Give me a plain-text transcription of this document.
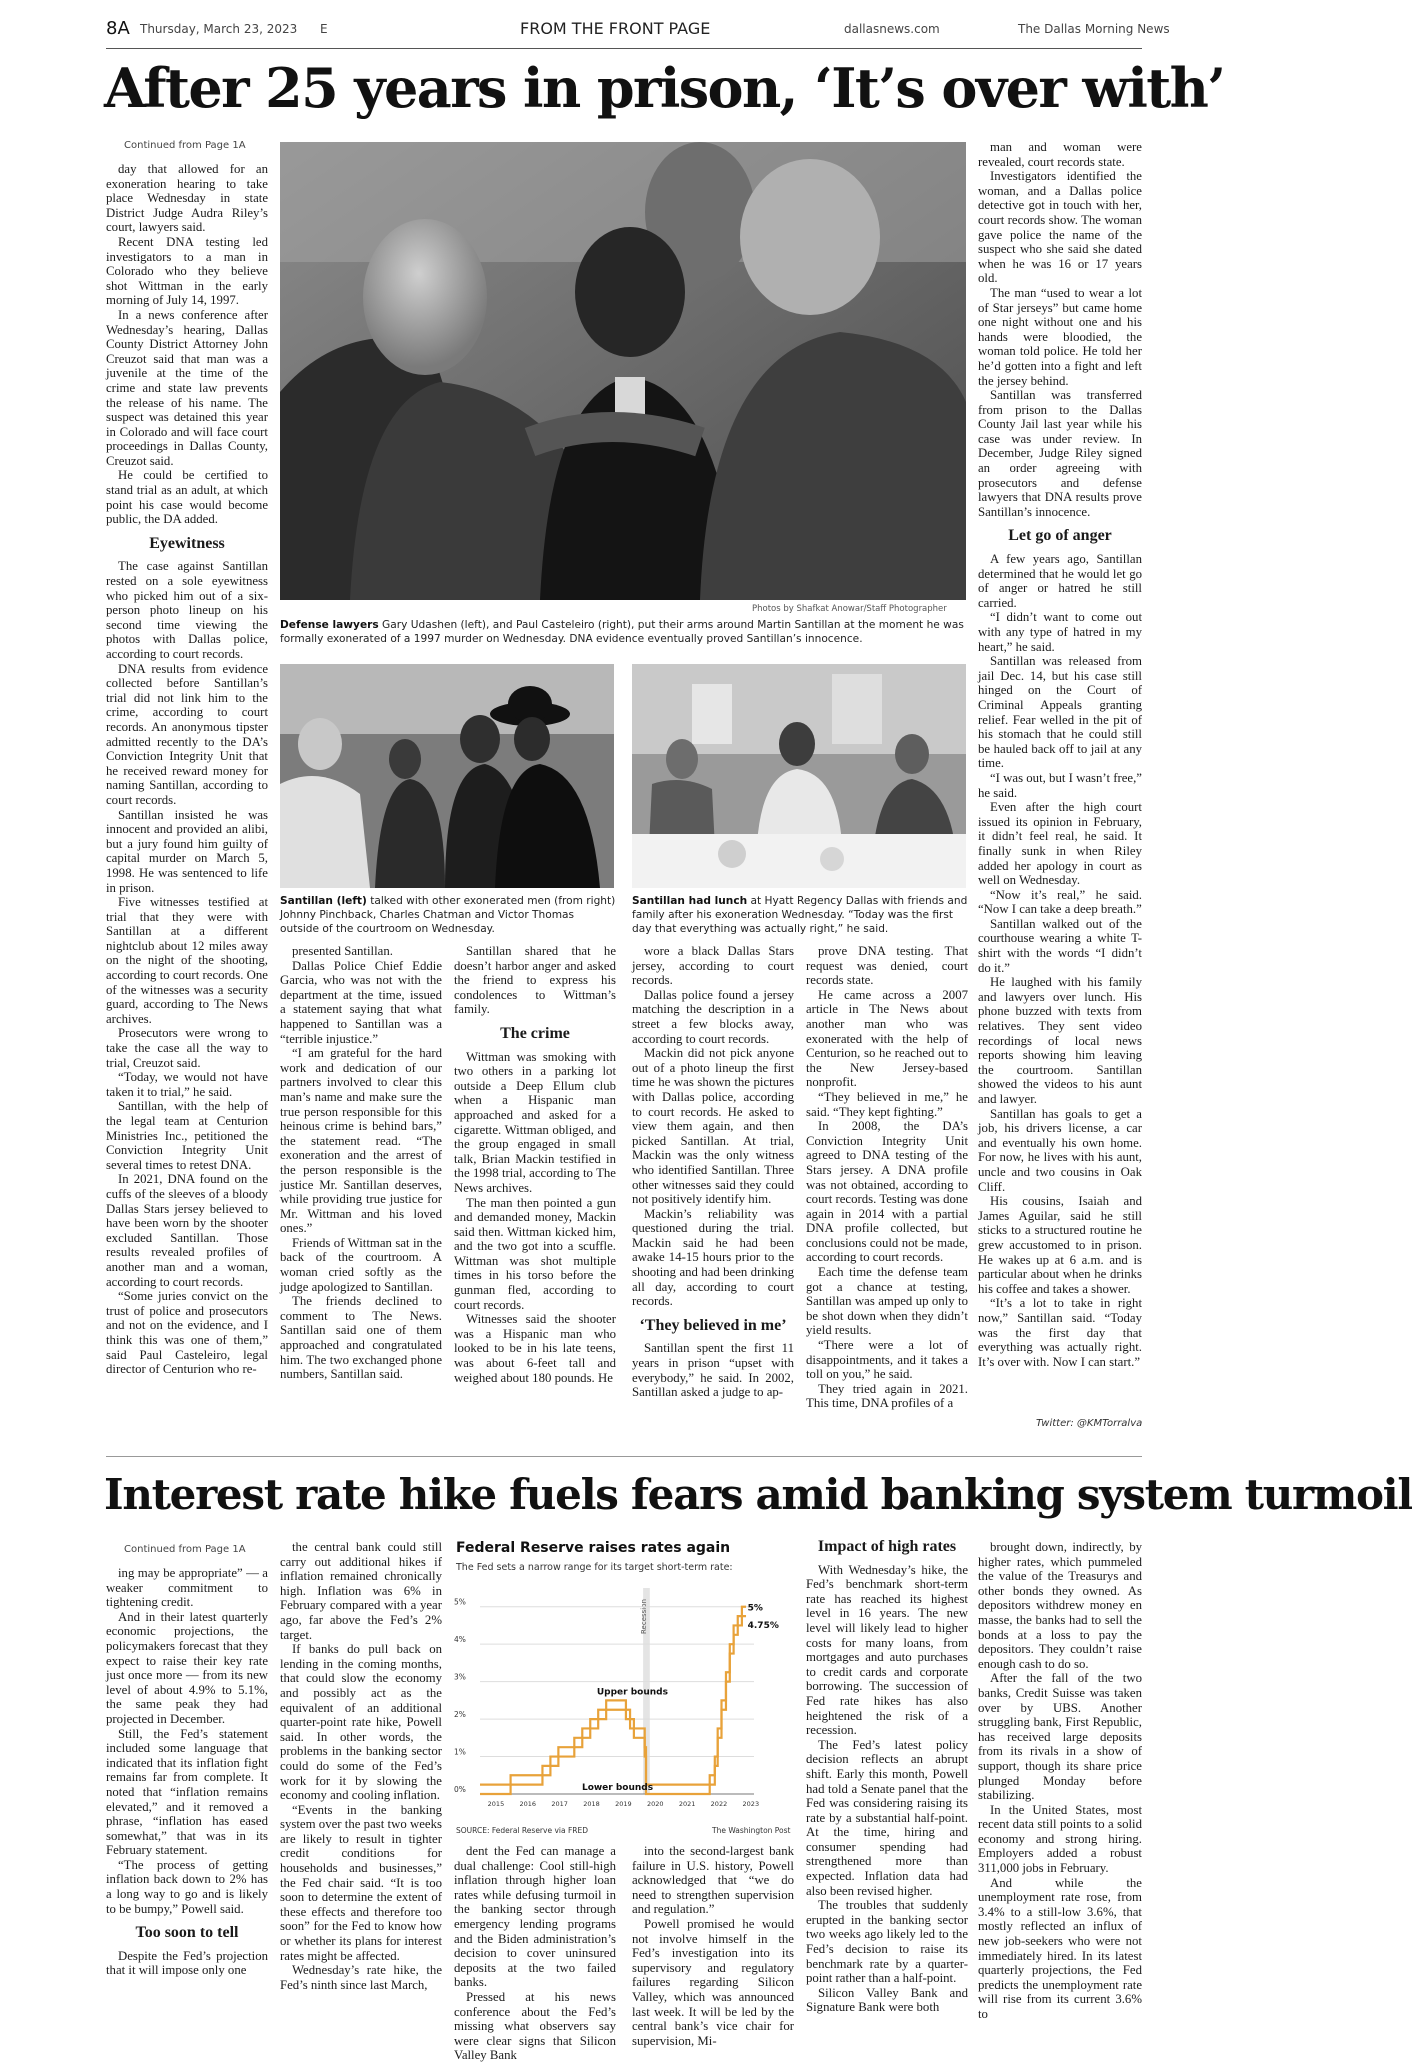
8A Thursday, March 23, 2023 E	FROM THE FRONT PAGE	dallasnews.com	The Dallas Morning News
After 25 years in prison, ‘It’s over with’
Continued from Page 1A

day that allowed for an exoneration hearing to take place Wednesday in state District Judge Audra Riley’s court, lawyers said.

Recent DNA testing led investigators to a man in Colorado who they believe shot Wittman in the early morning of July 14, 1997.

In a news conference after Wednesday’s hearing, Dallas County District Attorney John Creuzot said that man was a juvenile at the time of the crime and state law prevents the release of his name. The suspect was detained this year in Colorado and will face court proceedings in Dallas County, Creuzot said.

He could be certified to stand trial as an adult, at which point his case would become public, the DA added.

Eyewitness

The case against Santillan rested on a sole eyewitness who picked him out of a six-person photo lineup on his second time viewing the photos with Dallas police, according to court records.

DNA results from evidence collected before Santillan’s trial did not link him to the crime, according to court records. An anonymous tipster admitted recently to the DA’s Conviction Integrity Unit that he received reward money for naming Santillan, according to court records.

Santillan insisted he was innocent and provided an alibi, but a jury found him guilty of capital murder on March 5, 1998. He was sentenced to life in prison.

Five witnesses testified at trial that they were with Santillan at a different nightclub about 12 miles away on the night of the shooting, according to court records. One of the witnesses was a security guard, according to The News archives.

Prosecutors were wrong to take the case all the way to trial, Creuzot said.

“Today, we would not have taken it to trial,” he said.

Santillan, with the help of the legal team at Centurion Ministries Inc., petitioned the Conviction Integrity Unit several times to retest DNA.

In 2021, DNA found on the cuffs of the sleeves of a bloody Dallas Stars jersey believed to have been worn by the shooter excluded Santillan. Those results revealed profiles of another man and a woman, according to court records.

“Some juries convict on the trust of police and prosecutors and not on the evidence, and I think this was one of them,” said Paul Casteleiro, legal director of Centurion who re-

Photos by Shafkat Anowar/Staff Photographer
Defense lawyers Gary Udashen (left), and Paul Casteleiro (right), put their arms around Martin Santillan at the moment he was formally exonerated of a 1997 murder on Wednesday. DNA evidence eventually proved Santillan’s innocence.
Santillan (left) talked with other exonerated men (from right) Johnny Pinchback, Charles Chatman and Victor Thomas outside of the courtroom on Wednesday.
Santillan had lunch at Hyatt Regency Dallas with friends and family after his exoneration Wednesday. “Today was the first day that everything was actually right,” he said.

presented Santillan.

Dallas Police Chief Eddie Garcia, who was not with the department at the time, issued a statement saying that what happened to Santillan was a “terrible injustice.”

“I am grateful for the hard work and dedication of our partners involved to clear this man’s name and make sure the true person responsible for this heinous crime is behind bars,” the statement read. “The exoneration and the arrest of the person responsible is the justice Mr. Santillan deserves, while providing true justice for Mr. Wittman and his loved ones.”

Friends of Wittman sat in the back of the courtroom. A woman cried softly as the judge apologized to Santillan.

The friends declined to comment to The News. Santillan said one of them approached and congratulated him. The two exchanged phone numbers, Santillan said.

Santillan shared that he doesn’t harbor anger and asked the friend to express his condolences to Wittman’s family.

The crime

Wittman was smoking with two others in a parking lot outside a Deep Ellum club when a Hispanic man approached and asked for a cigarette. Wittman obliged, and the group engaged in small talk, Brian Mackin testified in the 1998 trial, according to The News archives.

The man then pointed a gun and demanded money, Mackin said then. Wittman kicked him, and the two got into a scuffle. Wittman was shot multiple times in his torso before the gunman fled, according to court records.

Witnesses said the shooter was a Hispanic man who looked to be in his late teens, was about 6-feet tall and weighed about 180 pounds. He

wore a black Dallas Stars jersey, according to court records.

Dallas police found a jersey matching the description in a street a few blocks away, according to court records.

Mackin did not pick anyone out of a photo lineup the first time he was shown the pictures with Dallas police, according to court records. He asked to view them again, and then picked Santillan. At trial, Mackin was the only witness who identified Santillan. Three other witnesses said they could not positively identify him.

Mackin’s reliability was questioned during the trial. Mackin said he had been awake 14-15 hours prior to the shooting and had been drinking all day, according to court records.

‘They believed in me’

Santillan spent the first 11 years in prison “upset with everybody,” he said. In 2002, Santillan asked a judge to ap-

prove DNA testing. That request was denied, court records state.

He came across a 2007 article in The News about another man who was exonerated with the help of Centurion, so he reached out to the New Jersey-based nonprofit.

“They believed in me,” he said. “They kept fighting.”

In 2008, the DA’s Conviction Integrity Unit agreed to DNA testing of the Stars jersey. A DNA profile was not obtained, according to court records. Testing was done again in 2014 with a partial DNA profile collected, but conclusions could not be made, according to court records.

Each time the defense team got a chance at testing, Santillan was amped up only to be shot down when they didn’t yield results.

“There were a lot of disappointments, and it takes a toll on you,” he said.

They tried again in 2021. This time, DNA profiles of a

man and woman were revealed, court records state.

Investigators identified the woman, and a Dallas police detective got in touch with her, court records show. The woman gave police the name of the suspect who she said she dated when he was 16 or 17 years old.

The man “used to wear a lot of Star jerseys” but came home one night without one and his hands were bloodied, the woman told police. He told her he’d gotten into a fight and left the jersey behind.

Santillan was transferred from prison to the Dallas County Jail last year while his case was under review. In December, Judge Riley signed an order agreeing with prosecutors and defense lawyers that DNA results prove Santillan’s innocence.

Let go of anger

A few years ago, Santillan determined that he would let go of anger or hatred he still carried.

“I didn’t want to come out with any type of hatred in my heart,” he said.

Santillan was released from jail Dec. 14, but his case still hinged on the Court of Criminal Appeals granting relief. Fear welled in the pit of his stomach that he could still be hauled back off to jail at any time.

“I was out, but I wasn’t free,” he said.

Even after the high court issued its opinion in February, it didn’t feel real, he said. It finally sunk in when Riley added her apology in court as well on Wednesday.

“Now it’s real,” he said. “Now I can take a deep breath.”

Santillan walked out of the courthouse wearing a white T-shirt with the words “I didn’t do it.”

He laughed with his family and lawyers over lunch. His phone buzzed with texts from relatives. They sent video recordings of local news reports showing him leaving the courtroom. Santillan showed the videos to his aunt and lawyer.

Santillan has goals to get a job, his drivers license, a car and eventually his own home. For now, he lives with his aunt, uncle and two cousins in Oak Cliff.

His cousins, Isaiah and James Aguilar, said he still sticks to a structured routine he grew accustomed to in prison. He wakes up at 6 a.m. and is particular about when he drinks his coffee and takes a shower.

“It’s a lot to take in right now,” Santillan said. “Today was the first day that everything was actually right. It’s over with. Now I can start.”

Twitter: @KMTorralva
Interest rate hike fuels fears amid banking system turmoil
Continued from Page 1A

ing may be appropriate” — a weaker commitment to tightening credit.

And in their latest quarterly economic projections, the policymakers forecast that they expect to raise their key rate just once more — from its new level of about 4.9% to 5.1%, the same peak they had projected in December.

Still, the Fed’s statement included some language that indicated that its inflation fight remains far from complete. It noted that “inflation remains elevated,” and it removed a phrase, “inflation has eased somewhat,” that was in its February statement.

“The process of getting inflation back down to 2% has a long way to go and is likely to be bumpy,” Powell said.

Too soon to tell

Despite the Fed’s projection that it will impose only one

the central bank could still carry out additional hikes if inflation remained chronically high. Inflation was 6% in February compared with a year ago, far above the Fed’s 2% target.

If banks do pull back on lending in the coming months, that could slow the economy and possibly act as the equivalent of an additional quarter-point rate hike, Powell said. In other words, the problems in the banking sector could do some of the Fed’s work for it by slowing the economy and cooling inflation.

“Events in the banking system over the past two weeks are likely to result in tighter credit conditions for households and businesses,” the Fed chair said. “It is too soon to determine the extent of these effects and therefore too soon” for the Fed to know how or whether its plans for interest rates might be affected.

Wednesday’s rate hike, the Fed’s ninth since last March,

Federal Reserve raises rates again
The Fed sets a narrow range for its target short-term rate:
Recession
0%
1%
2%
3%
4%
5%
2015 2016 2017 2018 2019 2020 2021 2022 2023
Upper bounds
Lower bounds
5%
4.75%
SOURCE: Federal Reserve via FRED	The Washington Post

dent the Fed can manage a dual challenge: Cool still-high inflation through higher loan rates while defusing turmoil in the banking sector through emergency lending programs and the Biden administration’s decision to cover uninsured deposits at the two failed banks.

Pressed at his news conference about the Fed’s missing what observers say were clear signs that Silicon Valley Bank

into the second-largest bank failure in U.S. history, Powell acknowledged that “we do need to strengthen supervision and regulation.”

Powell promised he would not involve himself in the Fed’s investigation into its supervisory and regulatory failures regarding Silicon Valley, which was announced last week. It will be led by the central bank’s vice chair for supervision, Mi-

Impact of high rates

With Wednesday’s hike, the Fed’s benchmark short-term rate has reached its highest level in 16 years. The new level will likely lead to higher costs for many loans, from mortgages and auto purchases to credit cards and corporate borrowing. The succession of Fed rate hikes has also heightened the risk of a recession.

The Fed’s latest policy decision reflects an abrupt shift. Early this month, Powell had told a Senate panel that the Fed was considering raising its rate by a substantial half-point. At the time, hiring and consumer spending had strengthened more than expected. Inflation data had also been revised higher.

The troubles that suddenly erupted in the banking sector two weeks ago likely led to the Fed’s decision to raise its benchmark rate by a quarter-point rather than a half-point.

Silicon Valley Bank and Signature Bank were both

brought down, indirectly, by higher rates, which pummeled the value of the Treasurys and other bonds they owned. As depositors withdrew money en masse, the banks had to sell the bonds at a loss to pay the depositors. They couldn’t raise enough cash to do so.

After the fall of the two banks, Credit Suisse was taken over by UBS. Another struggling bank, First Republic, has received large deposits from its rivals in a show of support, though its share price plunged Monday before stabilizing.

In the United States, most recent data still points to a solid economy and strong hiring. Employers added a robust 311,000 jobs in February.

And while the unemployment rate rose, from 3.4% to a still-low 3.6%, that mostly reflected an influx of new job-seekers who were not immediately hired. In its latest quarterly projections, the Fed predicts the unemployment rate will rise from its current 3.6% to
